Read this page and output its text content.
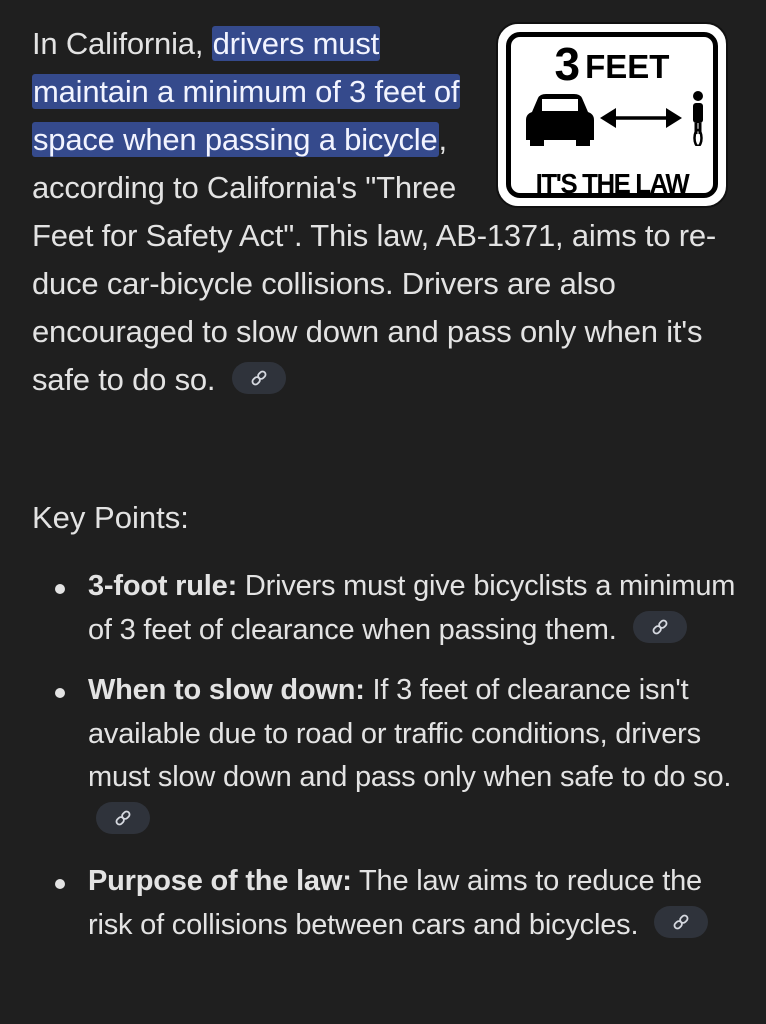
3 FEET
IT'S THE LAW
In California, drivers must maintain a minimum of 3 feet of space when passing a bicycle, according to California's "Three Feet for Safety Act". This law, AB-1371, aims to re-duce car-bicycle collisions. Drivers are also encouraged to slow down and pass only when it's safe to do so.
Key Points:
3-foot rule: Drivers must give bicyclists a minimum of 3 feet of clearance when passing them.
When to slow down: If 3 feet of clearance isn't available due to road or traffic conditions, drivers must slow down and pass only when safe to do so.
Purpose of the law: The law aims to reduce the risk of collisions between cars and bicycles.
